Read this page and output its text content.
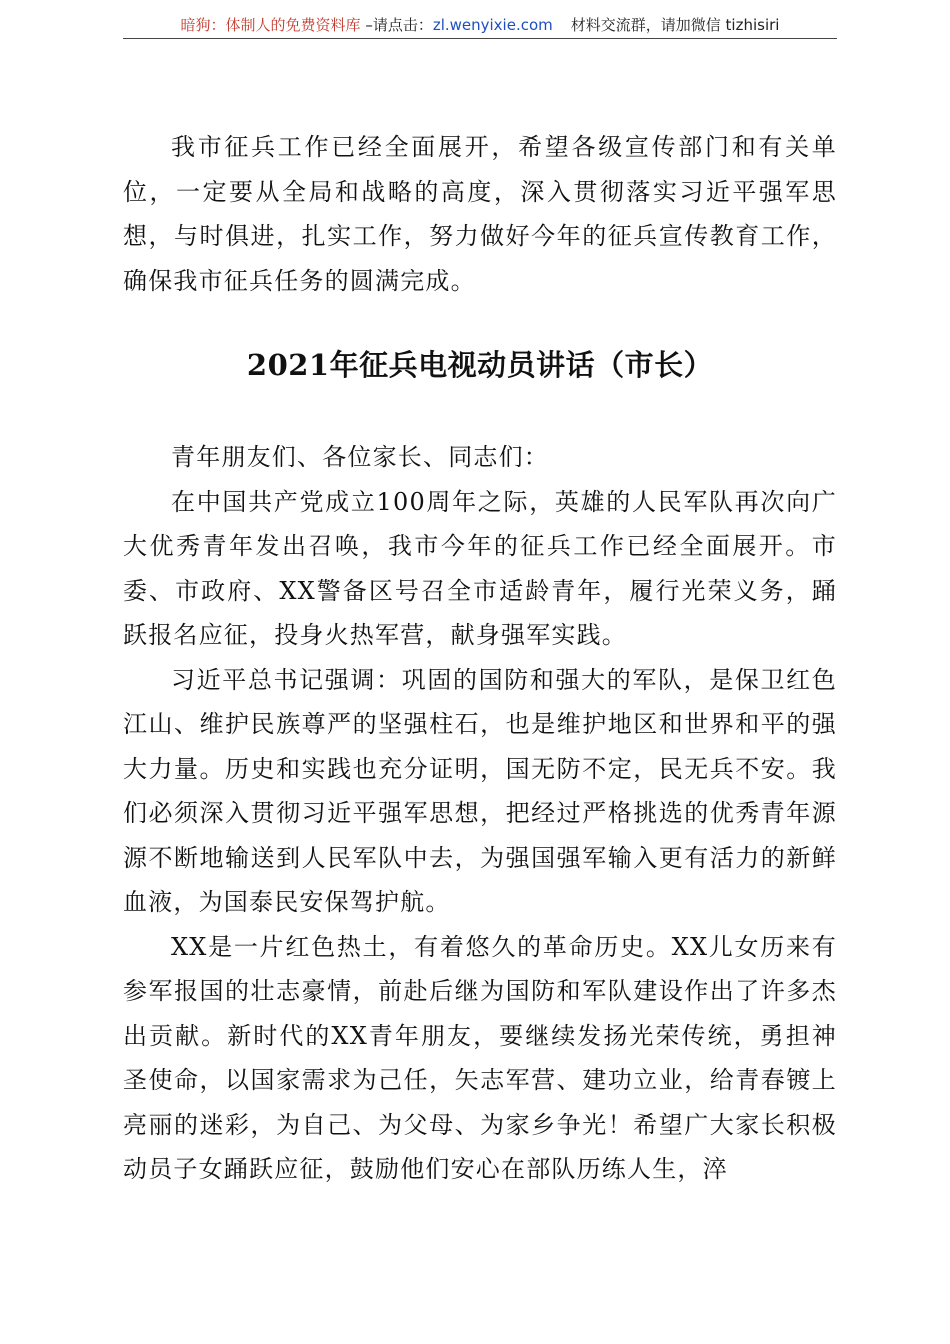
暗狗：体制人的免费资料库 –请点击：zl.wenyixie.com 材料交流群，请加微信 tizhisiri

我市征兵工作已经全面展开，希望各级宣传部门和有关单位，一定要从全局和战略的高度，深入贯彻落实习近平强军思想，与时俱进，扎实工作，努力做好今年的征兵宣传教育工作，确保我市征兵任务的圆满完成。

2021年征兵电视动员讲话（市长）

青年朋友们、各位家长、同志们：

在中国共产党成立100周年之际，英雄的人民军队再次向广大优秀青年发出召唤，我市今年的征兵工作已经全面展开。市委、市政府、XX警备区号召全市适龄青年，履行光荣义务，踊跃报名应征，投身火热军营，献身强军实践。

习近平总书记强调：巩固的国防和强大的军队，是保卫红色江山、维护民族尊严的坚强柱石，也是维护地区和世界和平的强大力量。历史和实践也充分证明，国无防不定，民无兵不安。我们必须深入贯彻习近平强军思想，把经过严格挑选的优秀青年源源不断地输送到人民军队中去，为强国强军输入更有活力的新鲜血液，为国泰民安保驾护航。

XX是一片红色热土，有着悠久的革命历史。XX儿女历来有参军报国的壮志豪情，前赴后继为国防和军队建设作出了许多杰出贡献。新时代的XX青年朋友，要继续发扬光荣传统，勇担神圣使命，以国家需求为己任，矢志军营、建功立业，给青春镀上亮丽的迷彩，为自己、为父母、为家乡争光！希望广大家长积极动员子女踊跃应征，鼓励他们安心在部队历练人生，淬
